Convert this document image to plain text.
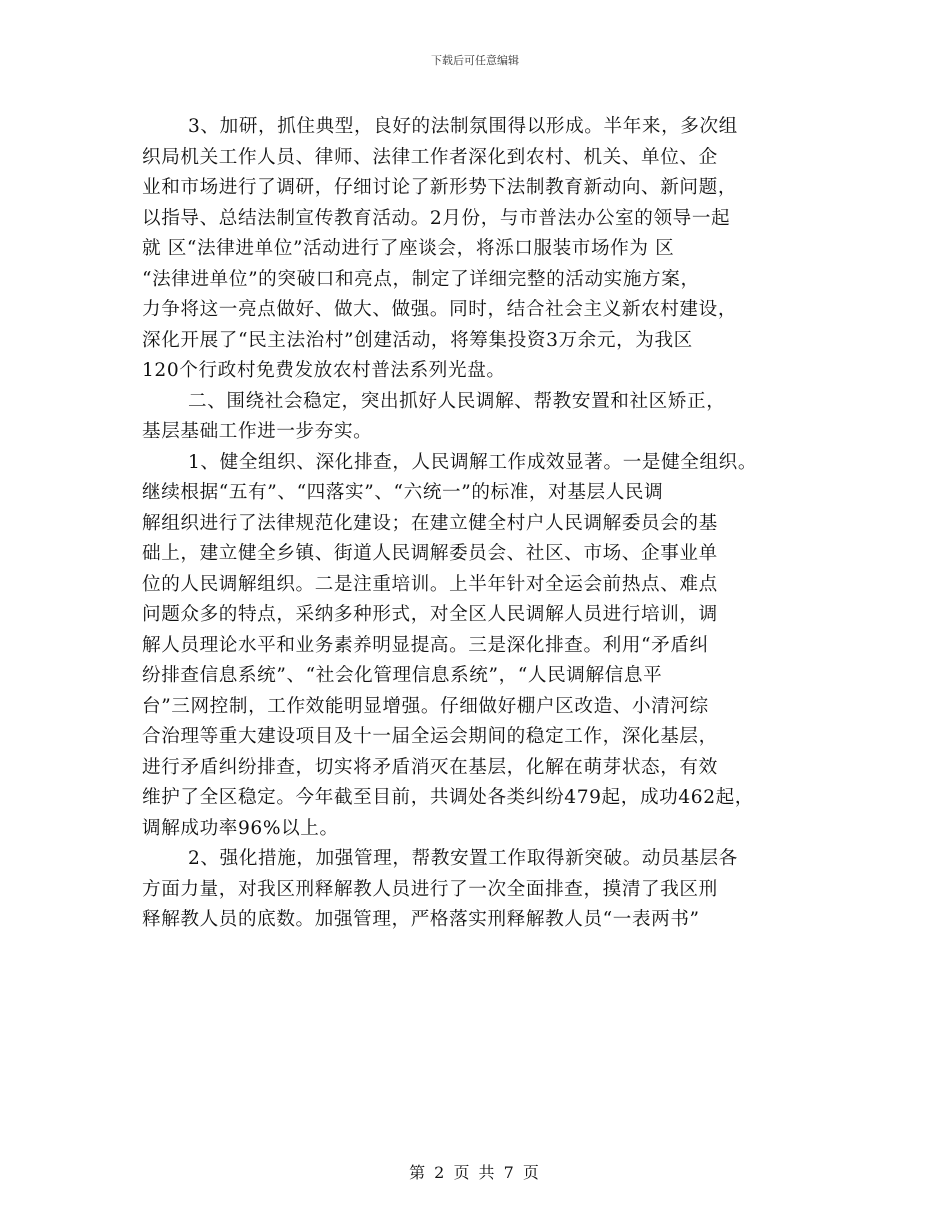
下载后可任意编辑
3、加研，抓住典型，良好的法制氛围得以形成。半年来，多次组
织局机关工作人员、律师、法律工作者深化到农村、机关、单位、企
业和市场进行了调研，仔细讨论了新形势下法制教育新动向、新问题，
以指导、总结法制宣传教育活动。2月份，与市普法办公室的领导一起
就 区“法律进单位”活动进行了座谈会，将泺口服装市场作为 区
“法律进单位”的突破口和亮点，制定了详细完整的活动实施方案，
力争将这一亮点做好、做大、做强。同时，结合社会主义新农村建设，
深化开展了“民主法治村”创建活动，将筹集投资3万余元，为我区
120个行政村免费发放农村普法系列光盘。
二、围绕社会稳定，突出抓好人民调解、帮教安置和社区矫正，
基层基础工作进一步夯实。
1、健全组织、深化排查，人民调解工作成效显著。一是健全组织。
继续根据“五有”、“四落实”、“六统一”的标准，对基层人民调
解组织进行了法律规范化建设；在建立健全村户人民调解委员会的基
础上，建立健全乡镇、街道人民调解委员会、社区、市场、企事业单
位的人民调解组织。二是注重培训。上半年针对全运会前热点、难点
问题众多的特点，采纳多种形式，对全区人民调解人员进行培训，调
解人员理论水平和业务素养明显提高。三是深化排查。利用“矛盾纠
纷排查信息系统”、“社会化管理信息系统”，“人民调解信息平
台”三网控制，工作效能明显增强。仔细做好棚户区改造、小清河综
合治理等重大建设项目及十一届全运会期间的稳定工作，深化基层，
进行矛盾纠纷排查，切实将矛盾消灭在基层，化解在萌芽状态，有效
维护了全区稳定。今年截至目前，共调处各类纠纷479起，成功462起，
调解成功率96%以上。
2、强化措施，加强管理，帮教安置工作取得新突破。动员基层各
方面力量，对我区刑释解教人员进行了一次全面排查，摸清了我区刑
释解教人员的底数。加强管理，严格落实刑释解教人员“一表两书”
第 2 页 共 7 页
